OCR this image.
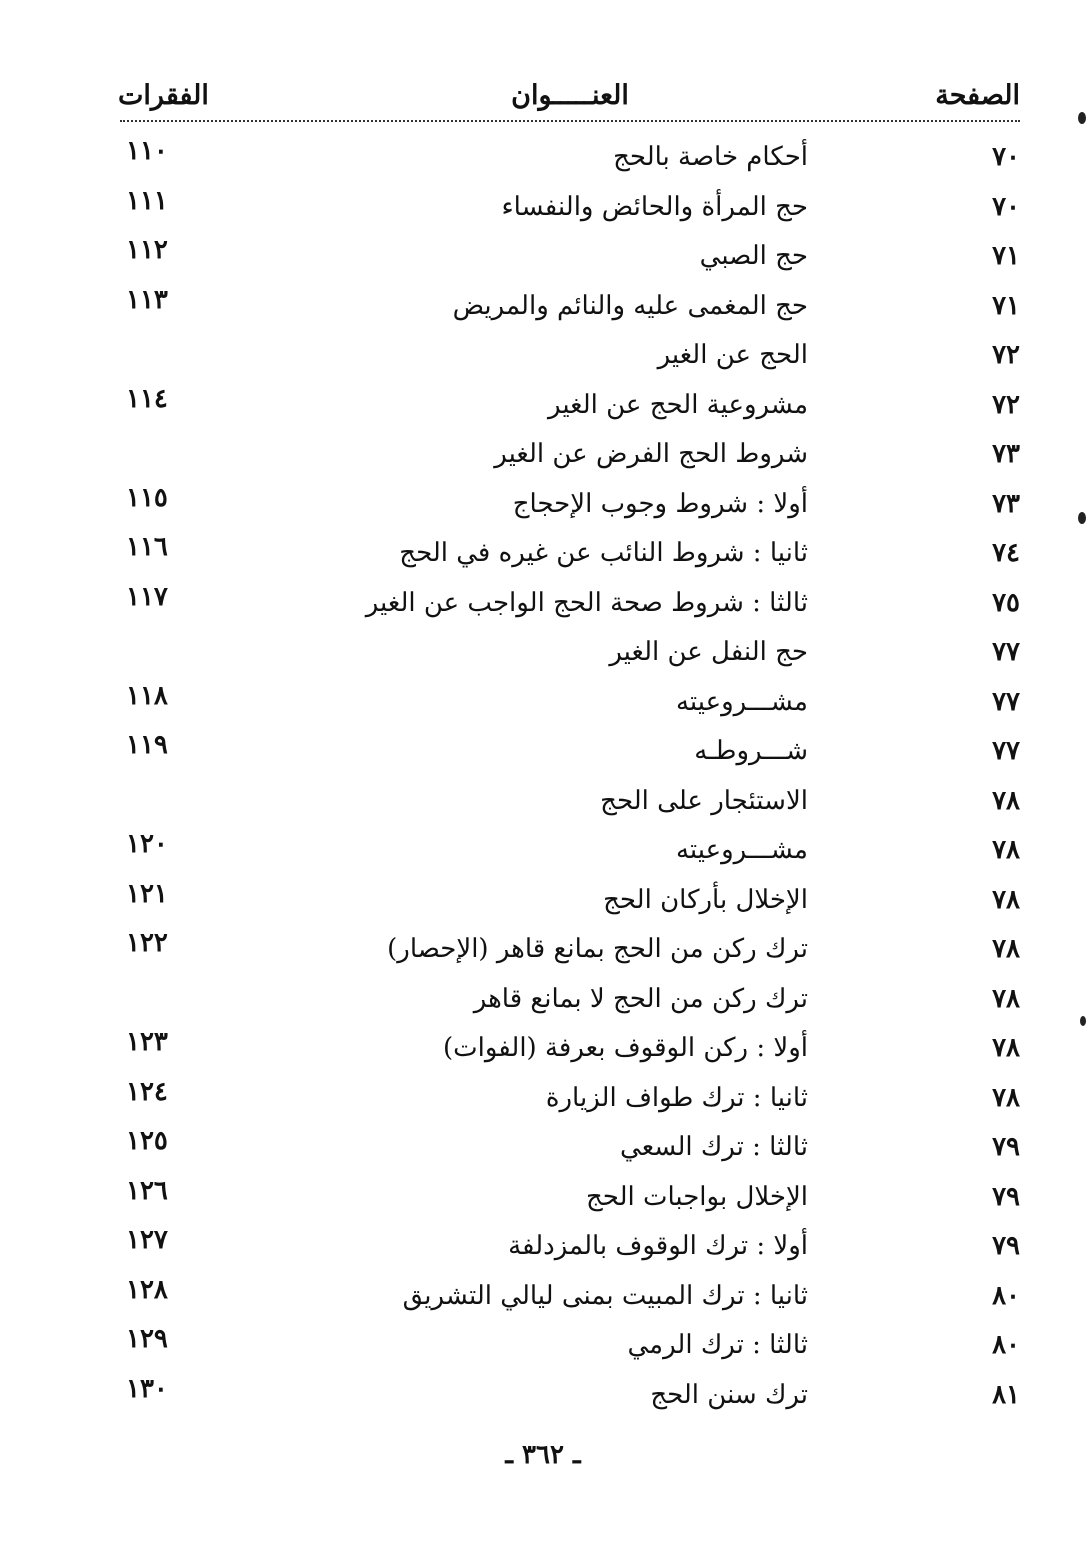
الصفحة
العنـــــوان
الفقرات
٧٠
أحكام خاصة بالحج
١١٠
٧٠
حج المرأة والحائض والنفساء
١١١
٧١
حج الصبي
١١٢
٧١
حج المغمى عليه والنائم والمريض
١١٣
٧٢
الحج عن الغير
٧٢
مشروعية الحج عن الغير
١١٤
٧٣
شروط الحج الفرض عن الغير
٧٣
أولا : شروط وجوب الإحجاج
١١٥
٧٤
ثانيا : شروط النائب عن غيره في الحج
١١٦
٧٥
ثالثا : شروط صحة الحج الواجب عن الغير
١١٧
٧٧
حج النفل عن الغير
٧٧
مشـــروعيته
١١٨
٧٧
شـــروطـه
١١٩
٧٨
الاستئجار على الحج
٧٨
مشـــروعيته
١٢٠
٧٨
الإخلال بأركان الحج
١٢١
٧٨
ترك ركن من الحج بمانع قاهر (الإحصار)
١٢٢
٧٨
ترك ركن من الحج لا بمانع قاهر
٧٨
أولا : ركن الوقوف بعرفة (الفوات)
١٢٣
٧٨
ثانيا : ترك طواف الزيارة
١٢٤
٧٩
ثالثا : ترك السعي
١٢٥
٧٩
الإخلال بواجبات الحج
١٢٦
٧٩
أولا : ترك الوقوف بالمزدلفة
١٢٧
٨٠
ثانيا : ترك المبيت بمنى ليالي التشريق
١٢٨
٨٠
ثالثا : ترك الرمي
١٢٩
٨١
ترك سنن الحج
١٣٠
ـ ٣٦٢ ـ
